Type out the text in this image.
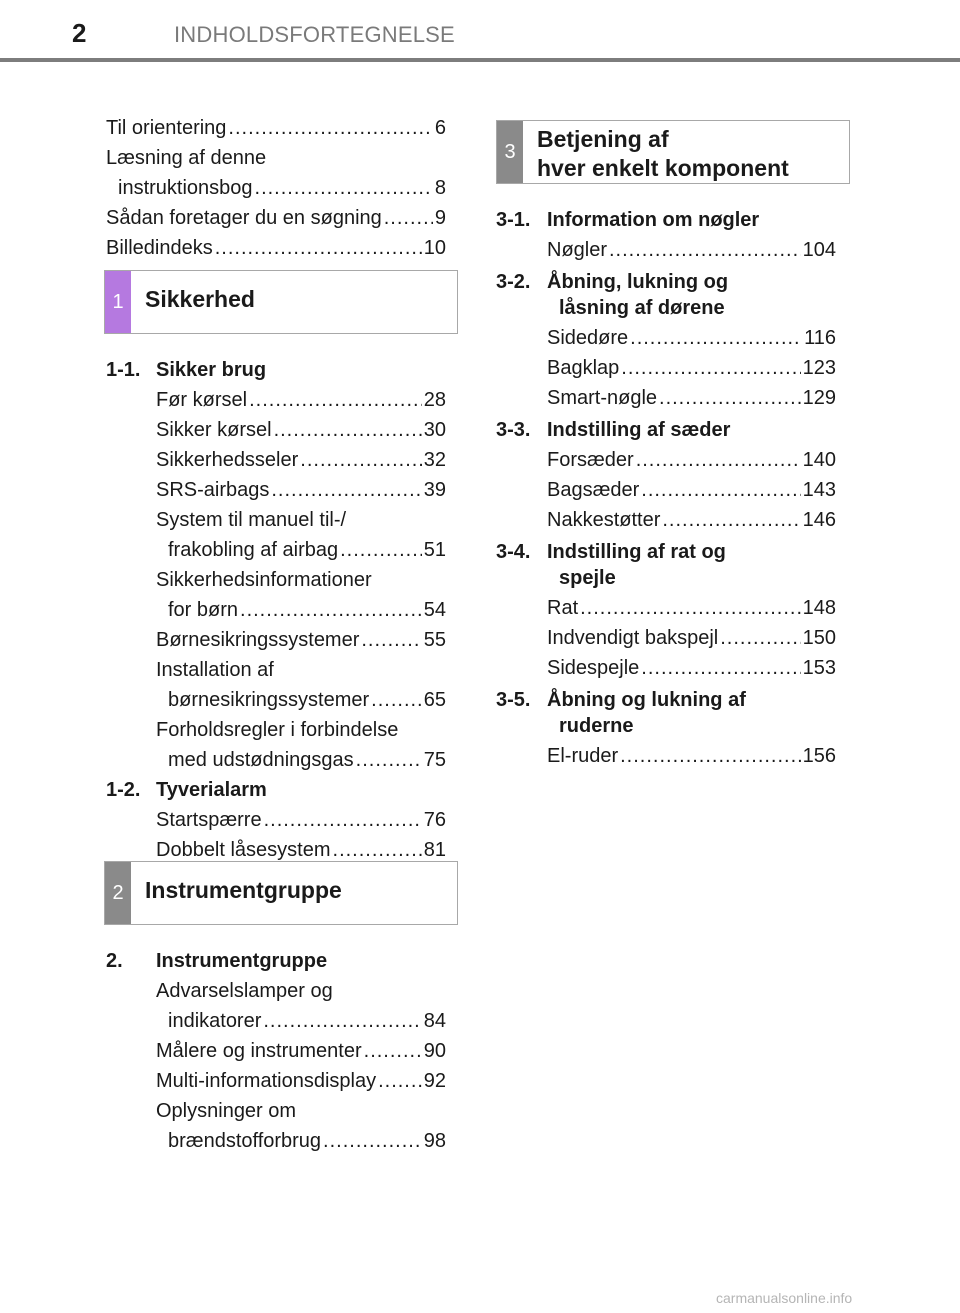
2	INDHOLDSFORTEGNELSE
Til orientering .....	6
Læsning af denne
instruktionsbog .....	8
Sådan foretager du en søgning .....	9
Billedindeks .....	10
1 Sikkerhed
1-1. Sikker brug
Før kørsel .....	28
Sikker kørsel .....	30
Sikkerhedsseler .....	32
SRS-airbags .....	39
System til manuel til-/
frakobling af airbag .....	51
Sikkerhedsinformationer
for børn .....	54
Børnesikringssystemer .....	55
Installation af
børnesikringssystemer .....	65
Forholdsregler i forbindelse
med udstødningsgas .....	75
1-2. Tyverialarm
Startspærre .....	76
Dobbelt låsesystem .....	81
2 Instrumentgruppe
2. Instrumentgruppe
Advarselslamper og
indikatorer .....	84
Målere og instrumenter .....	90
Multi-informationsdisplay ..... 92
Oplysninger om
brændstofforbrug .....	98
3 Betjening af
hver enkelt komponent
3-1. Information om nøgler
Nøgler .....	104
3-2. Åbning, lukning og
låsning af dørene
Sidedøre .....	116
Bagklap .....	123
Smart-nøgle .....	129
3-3. Indstilling af sæder
Forsæder .....	140
Bagsæder .....	143
Nakkestøtter .....	146
3-4. Indstilling af rat og
spejle
Rat .....	148
Indvendigt bakspejl .....	150
Sidespejle .....	153
3-5. Åbning og lukning af
ruderne
El-ruder .....	156
carmanualsonline.info
